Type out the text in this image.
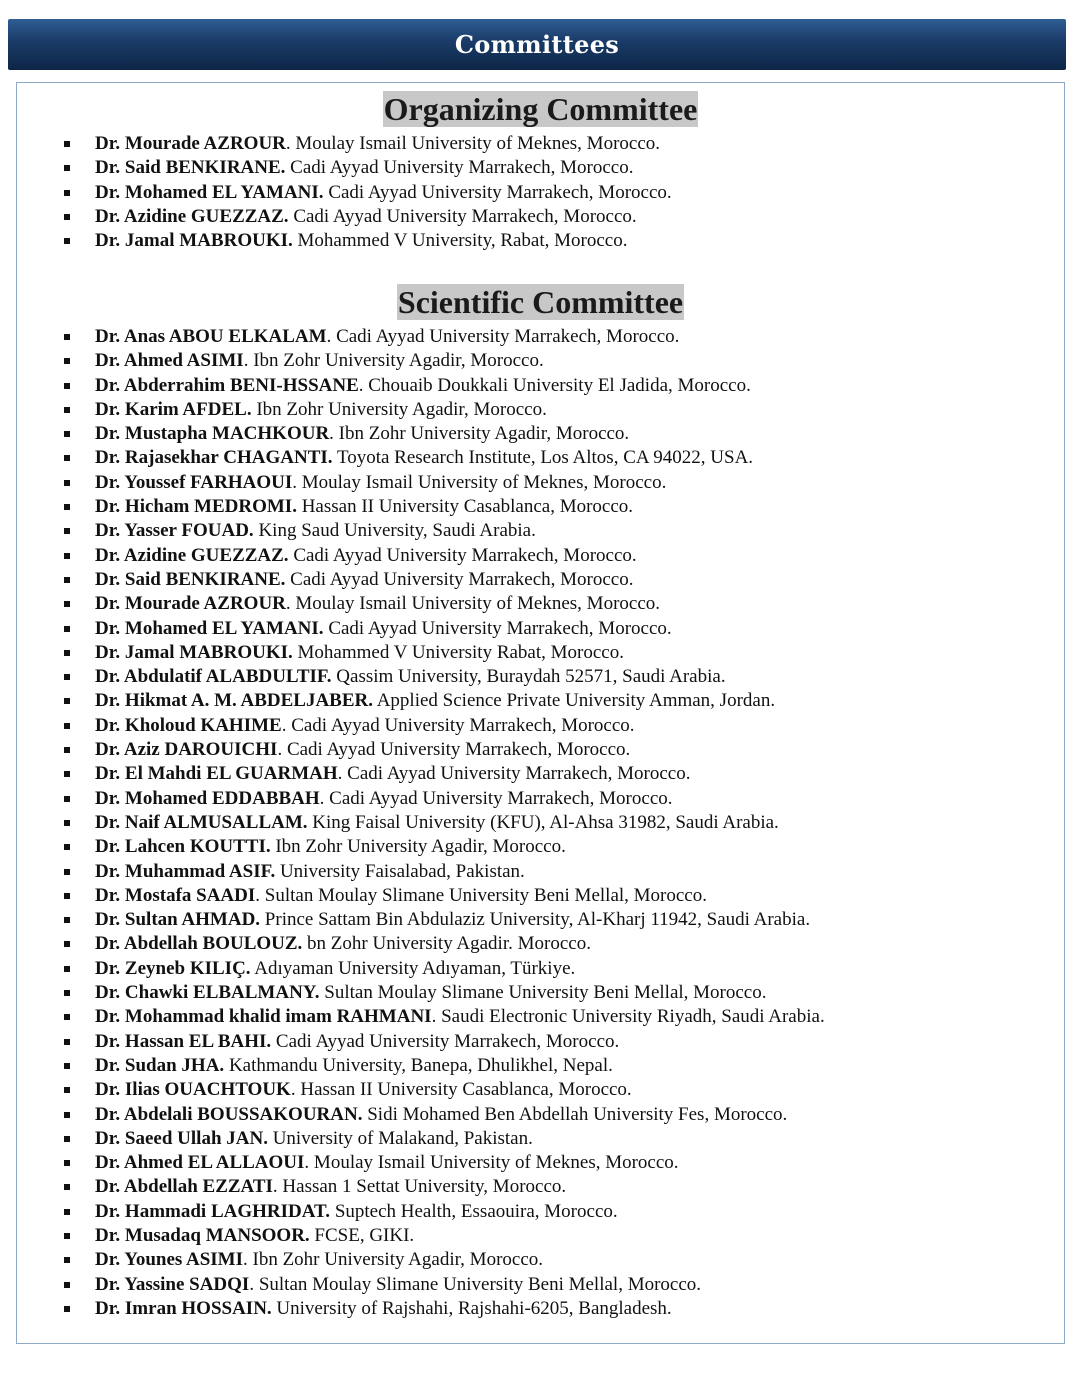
Committees
Organizing Committee
Dr. Mourade AZROUR. Moulay Ismail University of Meknes, Morocco.
Dr. Said BENKIRANE. Cadi Ayyad University Marrakech, Morocco.
Dr. Mohamed EL YAMANI. Cadi Ayyad University Marrakech, Morocco.
Dr. Azidine GUEZZAZ. Cadi Ayyad University Marrakech, Morocco.
Dr. Jamal MABROUKI. Mohammed V University, Rabat, Morocco.
Scientific Committee
Dr. Anas ABOU ELKALAM. Cadi Ayyad University Marrakech, Morocco.
Dr. Ahmed ASIMI. Ibn Zohr University Agadir, Morocco.
Dr. Abderrahim BENI-HSSANE. Chouaib Doukkali University El Jadida, Morocco.
Dr. Karim AFDEL. Ibn Zohr University Agadir, Morocco.
Dr. Mustapha MACHKOUR. Ibn Zohr University Agadir, Morocco.
Dr. Rajasekhar CHAGANTI. Toyota Research Institute, Los Altos, CA 94022, USA.
Dr. Youssef FARHAOUI. Moulay Ismail University of Meknes, Morocco.
Dr. Hicham MEDROMI. Hassan II University Casablanca, Morocco.
Dr. Yasser FOUAD. King Saud University, Saudi Arabia.
Dr. Azidine GUEZZAZ. Cadi Ayyad University Marrakech, Morocco.
Dr. Said BENKIRANE. Cadi Ayyad University Marrakech, Morocco.
Dr. Mourade AZROUR. Moulay Ismail University of Meknes, Morocco.
Dr. Mohamed EL YAMANI. Cadi Ayyad University Marrakech, Morocco.
Dr. Jamal MABROUKI. Mohammed V University Rabat, Morocco.
Dr. Abdulatif ALABDULTIF. Qassim University, Buraydah 52571, Saudi Arabia.
Dr. Hikmat A. M. ABDELJABER. Applied Science Private University Amman, Jordan.
Dr. Kholoud KAHIME. Cadi Ayyad University Marrakech, Morocco.
Dr. Aziz DAROUICHI. Cadi Ayyad University Marrakech, Morocco.
Dr. El Mahdi EL GUARMAH. Cadi Ayyad University Marrakech, Morocco.
Dr. Mohamed EDDABBAH. Cadi Ayyad University Marrakech, Morocco.
Dr. Naif ALMUSALLAM. King Faisal University (KFU), Al-Ahsa 31982, Saudi Arabia.
Dr. Lahcen KOUTTI. Ibn Zohr University Agadir, Morocco.
Dr. Muhammad ASIF. University Faisalabad, Pakistan.
Dr. Mostafa SAADI. Sultan Moulay Slimane University Beni Mellal, Morocco.
Dr. Sultan AHMAD. Prince Sattam Bin Abdulaziz University, Al-Kharj 11942, Saudi Arabia.
Dr. Abdellah BOULOUZ. bn Zohr University Agadir. Morocco.
Dr. Zeyneb KILIÇ. Adıyaman University Adıyaman, Türkiye.
Dr. Chawki ELBALMANY. Sultan Moulay Slimane University Beni Mellal, Morocco.
Dr. Mohammad khalid imam RAHMANI. Saudi Electronic University Riyadh, Saudi Arabia.
Dr. Hassan EL BAHI. Cadi Ayyad University Marrakech, Morocco.
Dr. Sudan JHA. Kathmandu University, Banepa, Dhulikhel, Nepal.
Dr. Ilias OUACHTOUK. Hassan II University Casablanca, Morocco.
Dr. Abdelali BOUSSAKOURAN. Sidi Mohamed Ben Abdellah University Fes, Morocco.
Dr. Saeed Ullah JAN. University of Malakand, Pakistan.
Dr. Ahmed EL ALLAOUI. Moulay Ismail University of Meknes, Morocco.
Dr. Abdellah EZZATI. Hassan 1 Settat University, Morocco.
Dr. Hammadi LAGHRIDAT. Suptech Health, Essaouira, Morocco.
Dr. Musadaq MANSOOR. FCSE, GIKI.
Dr. Younes ASIMI. Ibn Zohr University Agadir, Morocco.
Dr. Yassine SADQI. Sultan Moulay Slimane University Beni Mellal, Morocco.
Dr. Imran HOSSAIN. University of Rajshahi, Rajshahi-6205, Bangladesh.
